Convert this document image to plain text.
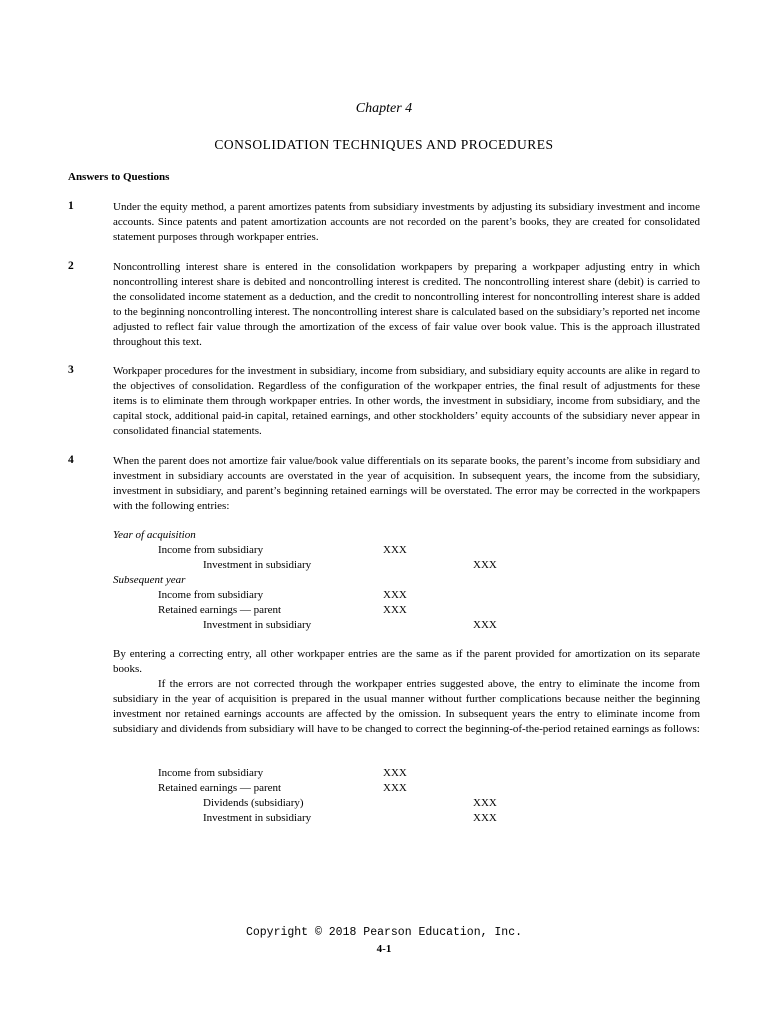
Chapter 4
CONSOLIDATION TECHNIQUES AND PROCEDURES
Answers to Questions
1	Under the equity method, a parent amortizes patents from subsidiary investments by adjusting its subsidiary investment and income accounts. Since patents and patent amortization accounts are not recorded on the parent’s books, they are created for consolidated statement purposes through workpaper entries.

2	Noncontrolling interest share is entered in the consolidation workpapers by preparing a workpaper adjusting entry in which noncontrolling interest share is debited and noncontrolling interest is credited. The noncontrolling interest share (debit) is carried to the consolidated income statement as a deduction, and the credit to noncontrolling interest for noncontrolling interest share is added to the beginning noncontrolling interest. The noncontrolling interest share is calculated based on the subsidiary’s reported net income adjusted to reflect fair value through the amortization of the excess of fair value over book value. This is the approach illustrated throughout this text.

3	Workpaper procedures for the investment in subsidiary, income from subsidiary, and subsidiary equity accounts are alike in regard to the objectives of consolidation. Regardless of the configuration of the workpaper entries, the final result of adjustments for these items is to eliminate them through workpaper entries. In other words, the investment in subsidiary, income from subsidiary, and the capital stock, additional paid-in capital, retained earnings, and other stockholders’ equity accounts of the subsidiary never appear in consolidated financial statements.

4	When the parent does not amortize fair value/book value differentials on its separate books, the parent’s income from subsidiary and investment in subsidiary accounts are overstated in the year of acquisition. In subsequent years, the income from the subsidiary, investment in subsidiary, and parent’s beginning retained earnings will be overstated. The error may be corrected in the workpapers with the following entries:

Year of acquisition
Income from subsidiary	XXX
Investment in subsidiary	XXX
Subsequent year
Income from subsidiary	XXX
Retained earnings — parent	XXX
Investment in subsidiary	XXX

By entering a correcting entry, all other workpaper entries are the same as if the parent provided for amortization on its separate books.

If the errors are not corrected through the workpaper entries suggested above, the entry to eliminate the income from subsidiary in the year of acquisition is prepared in the usual manner without further complications because neither the beginning investment nor retained earnings accounts are affected by the omission. In subsequent years the entry to eliminate income from subsidiary and dividends from subsidiary will have to be changed to correct the beginning-of-the-period retained earnings as follows:

Income from subsidiary	XXX
Retained earnings — parent	XXX
Dividends (subsidiary)	XXX
Investment in subsidiary	XXX
Copyright © 2018 Pearson Education, Inc.
4-1
